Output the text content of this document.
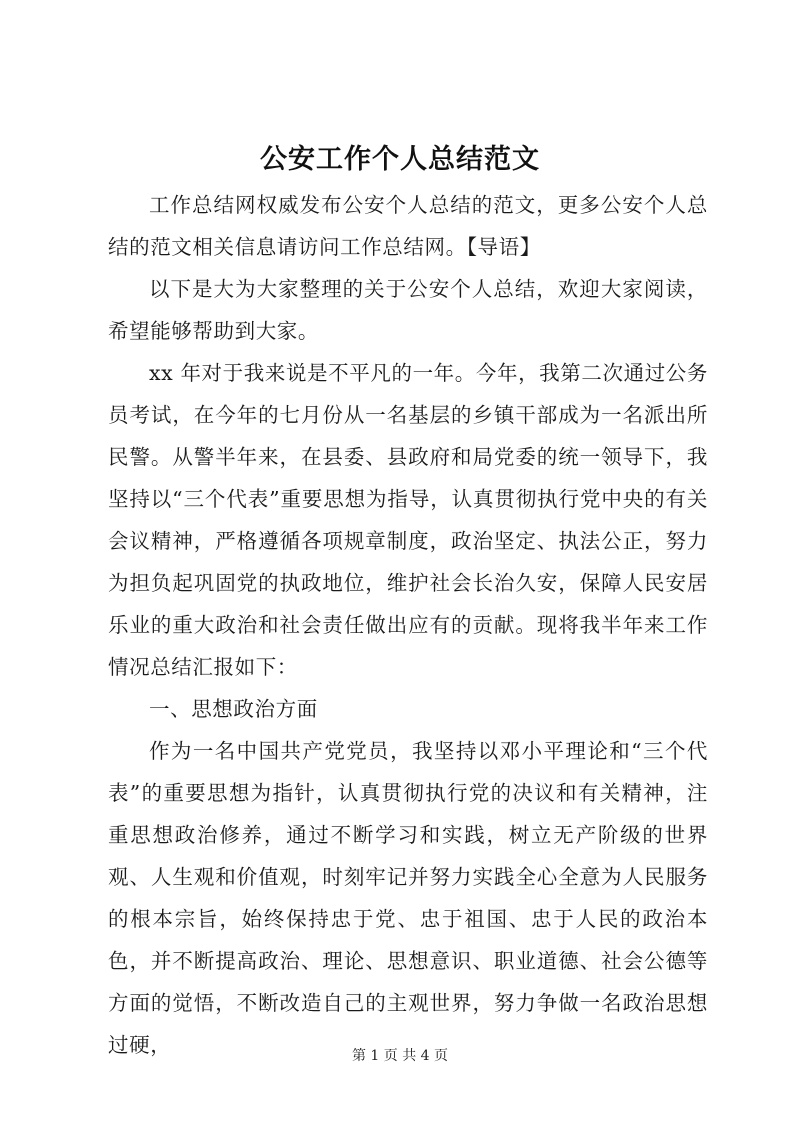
公安工作个人总结范文

工作总结网权威发布公安个人总结的范文，更多公安个人总结的范文相关信息请访问工作总结网。【导语】

以下是大为大家整理的关于公安个人总结，欢迎大家阅读，希望能够帮助到大家。

xx 年对于我来说是不平凡的一年。今年，我第二次通过公务员考试，在今年的七月份从一名基层的乡镇干部成为一名派出所民警。从警半年来，在县委、县政府和局党委的统一领导下，我坚持以“三个代表”重要思想为指导，认真贯彻执行党中央的有关会议精神，严格遵循各项规章制度，政治坚定、执法公正，努力为担负起巩固党的执政地位，维护社会长治久安，保障人民安居乐业的重大政治和社会责任做出应有的贡献。现将我半年来工作情况总结汇报如下：

一、思想政治方面

作为一名中国共产党党员，我坚持以邓小平理论和“三个代表”的重要思想为指针，认真贯彻执行党的决议和有关精神，注重思想政治修养，通过不断学习和实践，树立无产阶级的世界观、人生观和价值观，时刻牢记并努力实践全心全意为人民服务的根本宗旨，始终保持忠于党、忠于祖国、忠于人民的政治本色，并不断提高政治、理论、思想意识、职业道德、社会公德等方面的觉悟，不断改造自己的主观世界，努力争做一名政治思想过硬，	第 1 页 共 4 页
